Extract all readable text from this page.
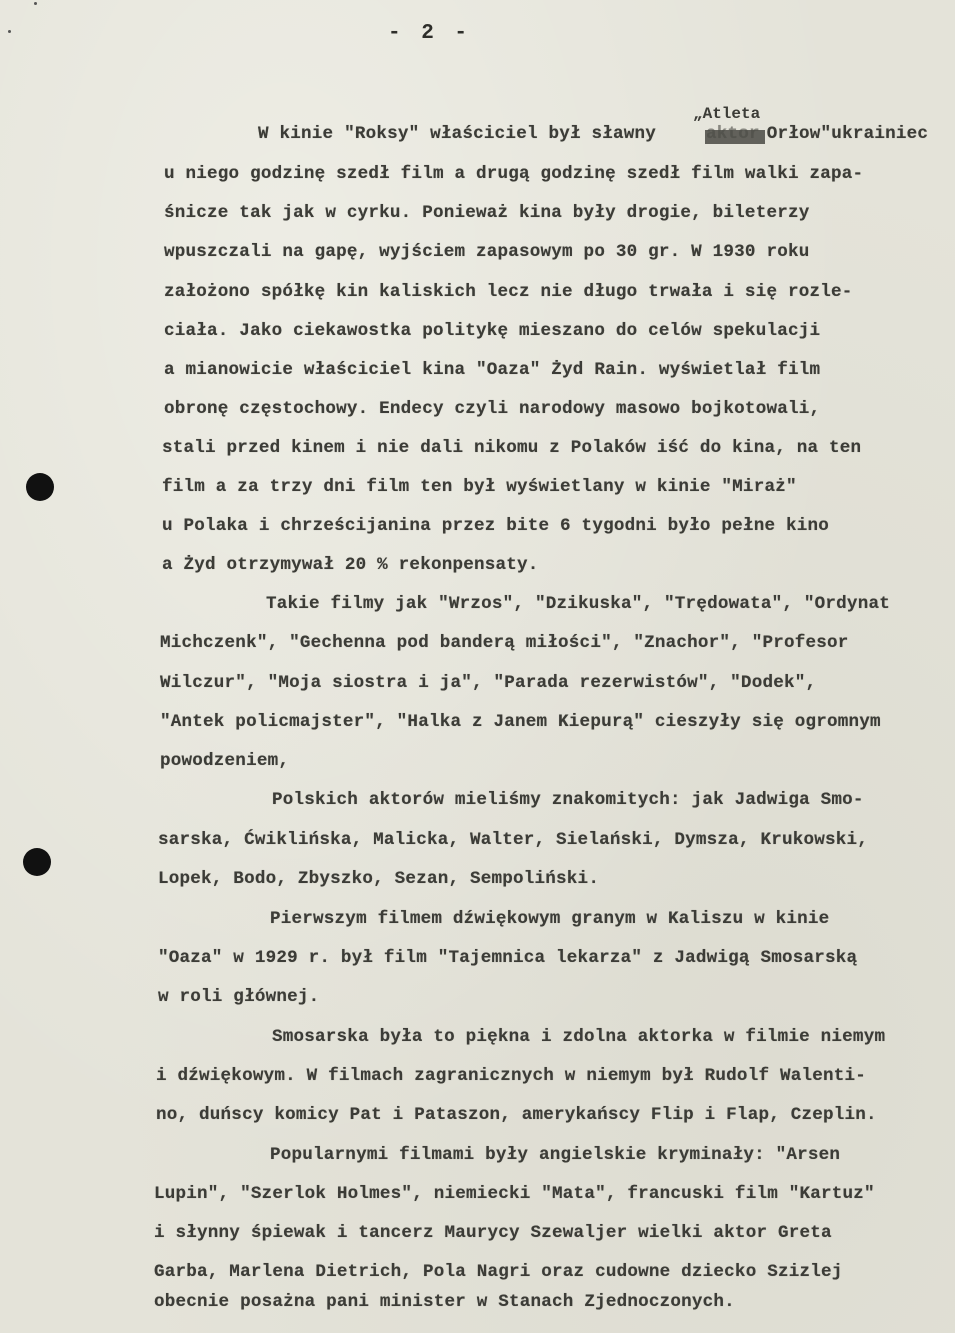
- 2 -
„Atleta
W kinie "Roksy" właściciel był sławny	Orłow"ukrainiec
u niego godzinę szedł film a drugą godzinę szedł film walki zapa-
śnicze tak jak w cyrku. Ponieważ kina były drogie, bileterzy
wpuszczali na gapę, wyjściem zapasowym po 30 gr. W 1930 roku
założono spółkę kin kaliskich lecz nie długo trwała i się rozle-
ciała. Jako ciekawostka politykę mieszano do celów spekulacji
a mianowicie właściciel kina "Oaza" Żyd Rain. wyświetlał film
obronę częstochowy. Endecy czyli narodowy masowo bojkotowali,
stali przed kinem i nie dali nikomu z Polaków iść do kina, na ten
film a za trzy dni film ten był wyświetlany w kinie "Miraż"
u Polaka i chrześcijanina przez bite 6 tygodni było pełne kino
a Żyd otrzymywał 20 % rekonpensaty.
Takie filmy jak "Wrzos", "Dzikuska", "Trędowata", "Ordynat
Michczenk", "Gechenna pod banderą miłości", "Znachor", "Profesor
Wilczur", "Moja siostra i ja", "Parada rezerwistów", "Dodek",
"Antek policmajster", "Halka z Janem Kiepurą" cieszyły się ogromnym
powodzeniem,
Polskich aktorów mieliśmy znakomitych: jak Jadwiga Smo-
sarska, Ćwiklińska, Malicka, Walter, Sielański, Dymsza, Krukowski,
Lopek, Bodo, Zbyszko, Sezan, Sempoliński.
Pierwszym filmem dźwiękowym granym w Kaliszu w kinie
"Oaza" w 1929 r. był film "Tajemnica lekarza" z Jadwigą Smosarską
w roli głównej.
Smosarska była to piękna i zdolna aktorka w filmie niemym
i dźwiękowym. W filmach zagranicznych w niemym był Rudolf Walenti-
no, duńscy komicy Pat i Pataszon, amerykańscy Flip i Flap, Czeplin.
Popularnymi filmami były angielskie kryminały: "Arsen
Lupin", "Szerlok Holmes", niemiecki "Mata", francuski film "Kartuz"
i słynny śpiewak i tancerz Maurycy Szewaljer wielki aktor Greta
Garba, Marlena Dietrich, Pola Nagri oraz cudowne dziecko Szizlej
obecnie posażna pani minister w Stanach Zjednoczonych.
